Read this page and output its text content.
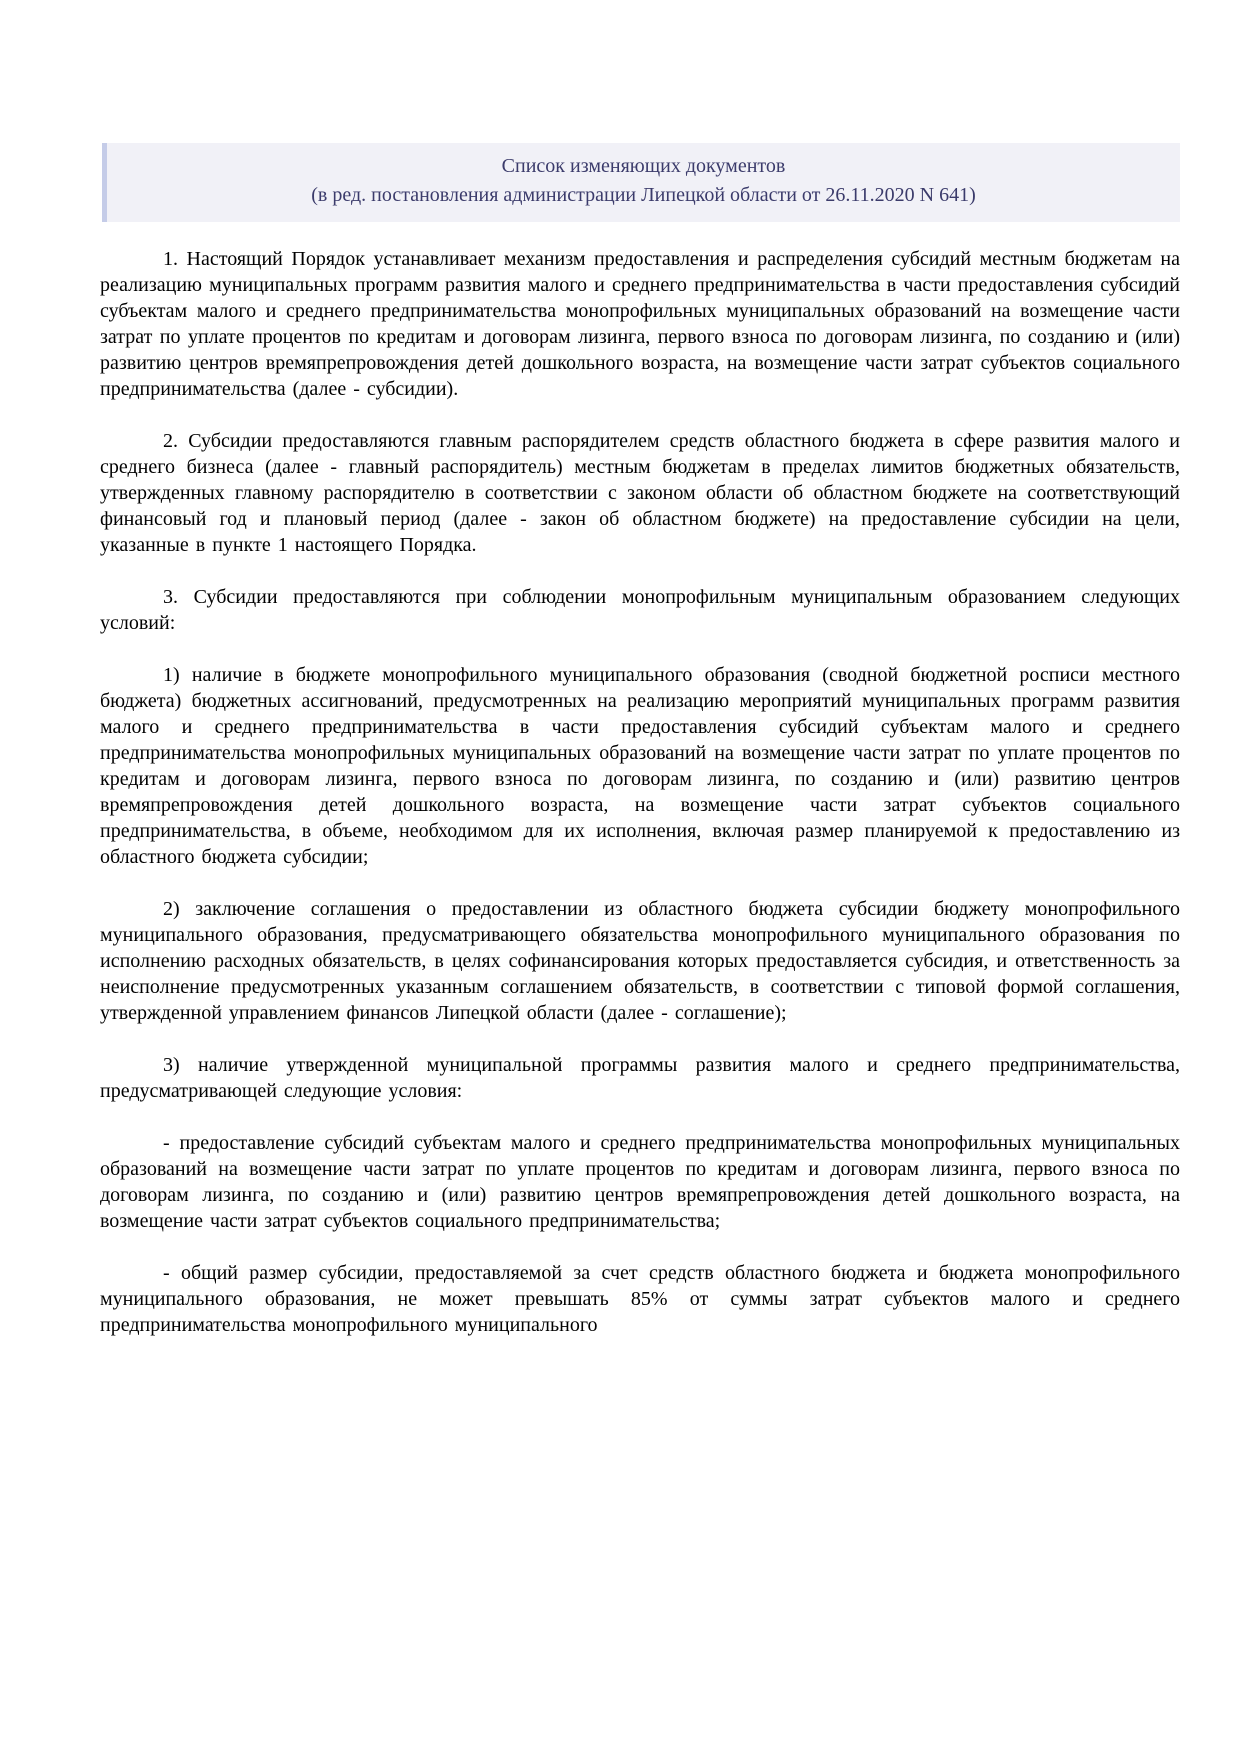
Список изменяющих документов
(в ред. постановления администрации Липецкой области от 26.11.2020 N 641)

1. Настоящий Порядок устанавливает механизм предоставления и распределения субсидий местным бюджетам на реализацию муниципальных программ развития малого и среднего предпринимательства в части предоставления субсидий субъектам малого и среднего предпринимательства монопрофильных муниципальных образований на возмещение части затрат по уплате процентов по кредитам и договорам лизинга, первого взноса по договорам лизинга, по созданию и (или) развитию центров времяпрепровождения детей дошкольного возраста, на возмещение части затрат субъектов социального предпринимательства (далее - субсидии).

2. Субсидии предоставляются главным распорядителем средств областного бюджета в сфере развития малого и среднего бизнеса (далее - главный распорядитель) местным бюджетам в пределах лимитов бюджетных обязательств, утвержденных главному распорядителю в соответствии с законом области об областном бюджете на соответствующий финансовый год и плановый период (далее - закон об областном бюджете) на предоставление субсидии на цели, указанные в пункте 1 настоящего Порядка.

3. Субсидии предоставляются при соблюдении монопрофильным муниципальным образованием следующих условий:

1) наличие в бюджете монопрофильного муниципального образования (сводной бюджетной росписи местного бюджета) бюджетных ассигнований, предусмотренных на реализацию мероприятий муниципальных программ развития малого и среднего предпринимательства в части предоставления субсидий субъектам малого и среднего предпринимательства монопрофильных муниципальных образований на возмещение части затрат по уплате процентов по кредитам и договорам лизинга, первого взноса по договорам лизинга, по созданию и (или) развитию центров времяпрепровождения детей дошкольного возраста, на возмещение части затрат субъектов социального предпринимательства, в объеме, необходимом для их исполнения, включая размер планируемой к предоставлению из областного бюджета субсидии;

2) заключение соглашения о предоставлении из областного бюджета субсидии бюджету монопрофильного муниципального образования, предусматривающего обязательства монопрофильного муниципального образования по исполнению расходных обязательств, в целях софинансирования которых предоставляется субсидия, и ответственность за неисполнение предусмотренных указанным соглашением обязательств, в соответствии с типовой формой соглашения, утвержденной управлением финансов Липецкой области (далее - соглашение);

3) наличие утвержденной муниципальной программы развития малого и среднего предпринимательства, предусматривающей следующие условия:

- предоставление субсидий субъектам малого и среднего предпринимательства монопрофильных муниципальных образований на возмещение части затрат по уплате процентов по кредитам и договорам лизинга, первого взноса по договорам лизинга, по созданию и (или) развитию центров времяпрепровождения детей дошкольного возраста, на возмещение части затрат субъектов социального предпринимательства;

- общий размер субсидии, предоставляемой за счет средств областного бюджета и бюджета монопрофильного муниципального образования, не может превышать 85% от суммы затрат субъектов малого и среднего предпринимательства монопрофильного муниципального
